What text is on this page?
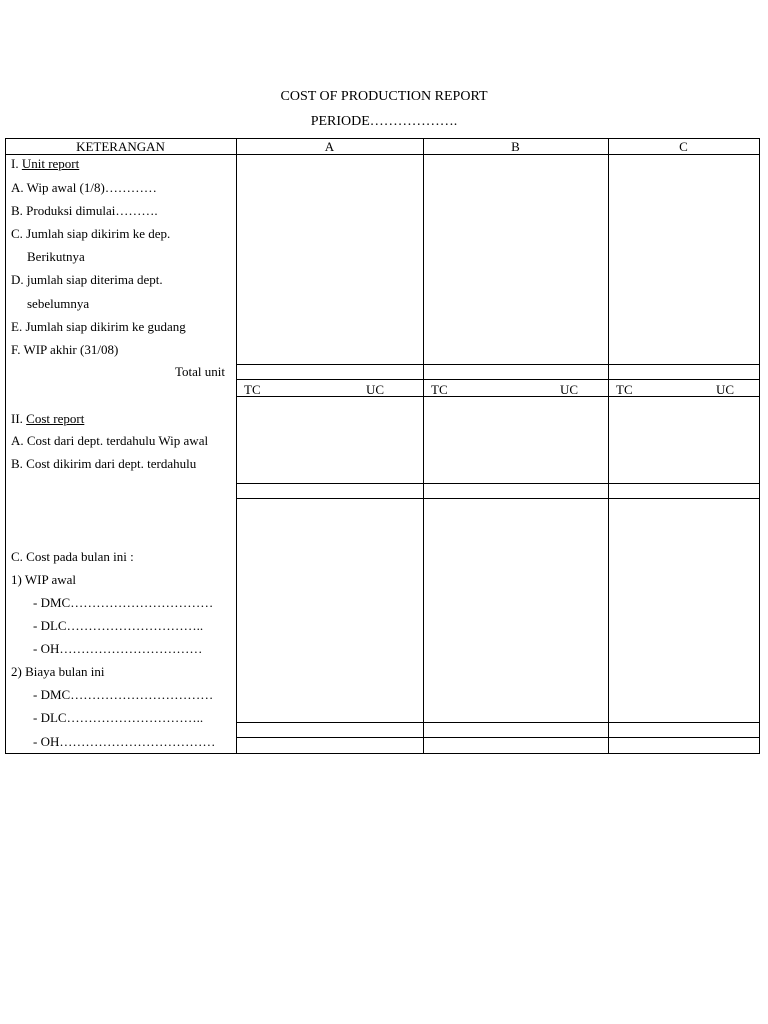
COST OF PRODUCTION REPORT
PERIODE……………….
KETERANGAN	A	B	C
I. Unit report
A. Wip awal (1/8)…………
B. Produksi dimulai……….
C. Jumlah siap dikirim ke dep.
Berikutnya
D. jumlah siap diterima dept.
sebelumnya
E. Jumlah siap dikirim ke gudang
F. WIP akhir (31/08)
Total unit
TC	UC	TC	UC	TC	UC
II. Cost report
A. Cost dari dept. terdahulu Wip awal
B. Cost dikirim dari dept. terdahulu
C. Cost pada bulan ini :
1) WIP awal
- DMC……………………………
- DLC…………………………..
- OH……………………………
2) Biaya bulan ini
- DMC……………………………
- DLC…………………………..
- OH………………………………
